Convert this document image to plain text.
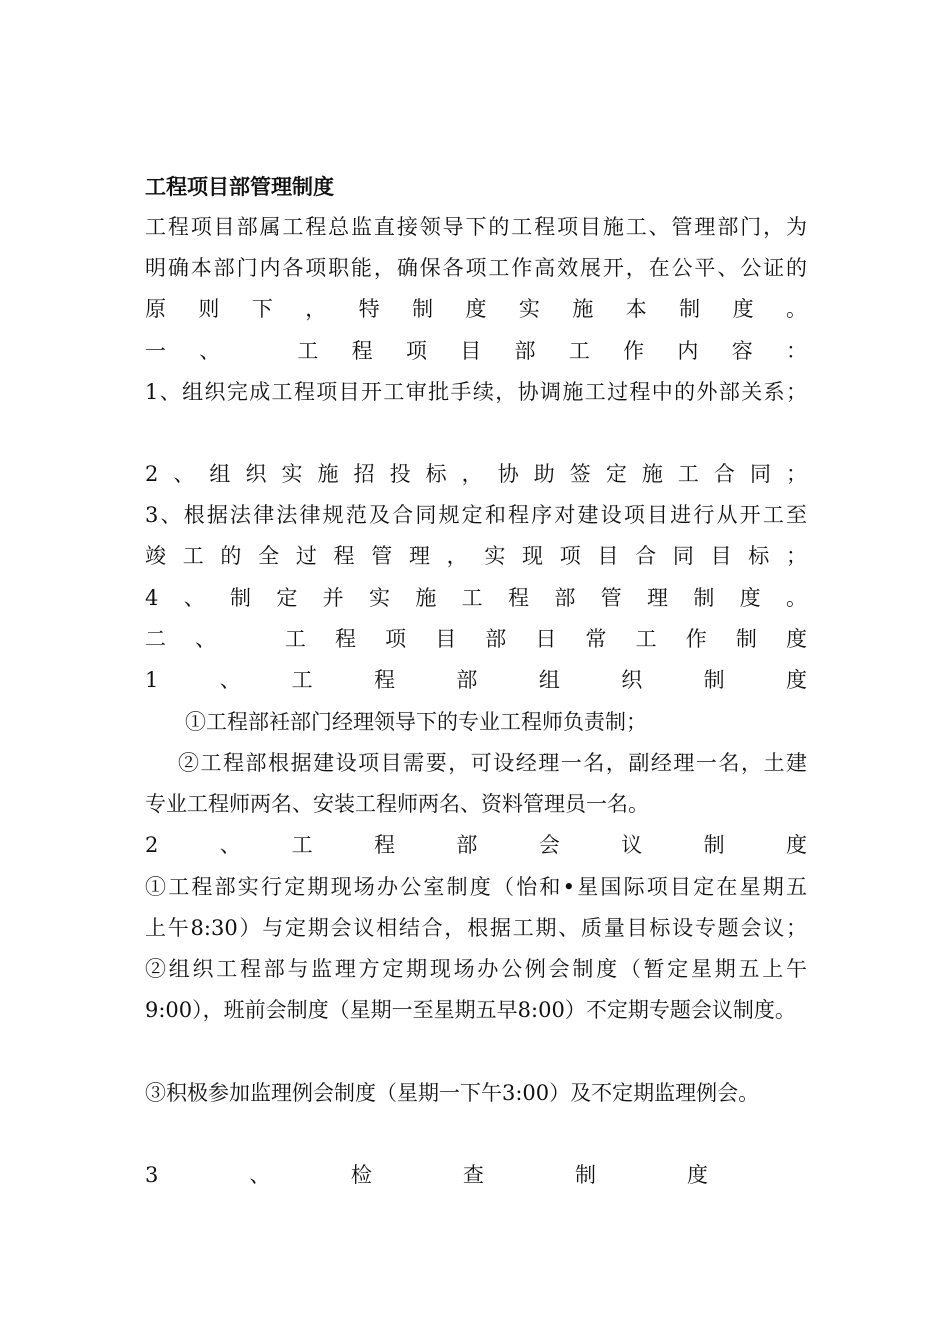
工程项目部管理制度
工程项目部属工程总监直接领导下的工程项目施工、管理部门，为
明确本部门内各项职能，确保各项工作高效展开，在公平、公证的
原则下，特制度实施本制度。
一、　工程项目部工作内容：
1、组织完成工程项目开工审批手续，协调施工过程中的外部关系；
2、组织实施招投标，协助签定施工合同；
3、根据法律法律规范及合同规定和程序对建设项目进行从开工至
竣工的全过程管理，实现项目合同目标；
4、制定并实施工程部管理制度。
二、　工程项目部日常工作制度
1　、　工　程　部　组　织　制　度
①工程部衽部门经理领导下的专业工程师负责制；
②工程部根据建设项目需要，可设经理一名，副经理一名，土建
专业工程师两名、安装工程师两名、资料管理员一名。
2　、　工　程　部　会　议　制　度
①工程部实行定期现场办公室制度（怡和•星国际项目定在星期五
上午8:30）与定期会议相结合，根据工期、质量目标设专题会议；
②组织工程部与监理方定期现场办公例会制度（暂定星期五上午
9:00），班前会制度（星期一至星期五早8:00）不定期专题会议制度。
③积极参加监理例会制度（星期一下午3:00）及不定期监理例会。
3　、　检　查　制　度
